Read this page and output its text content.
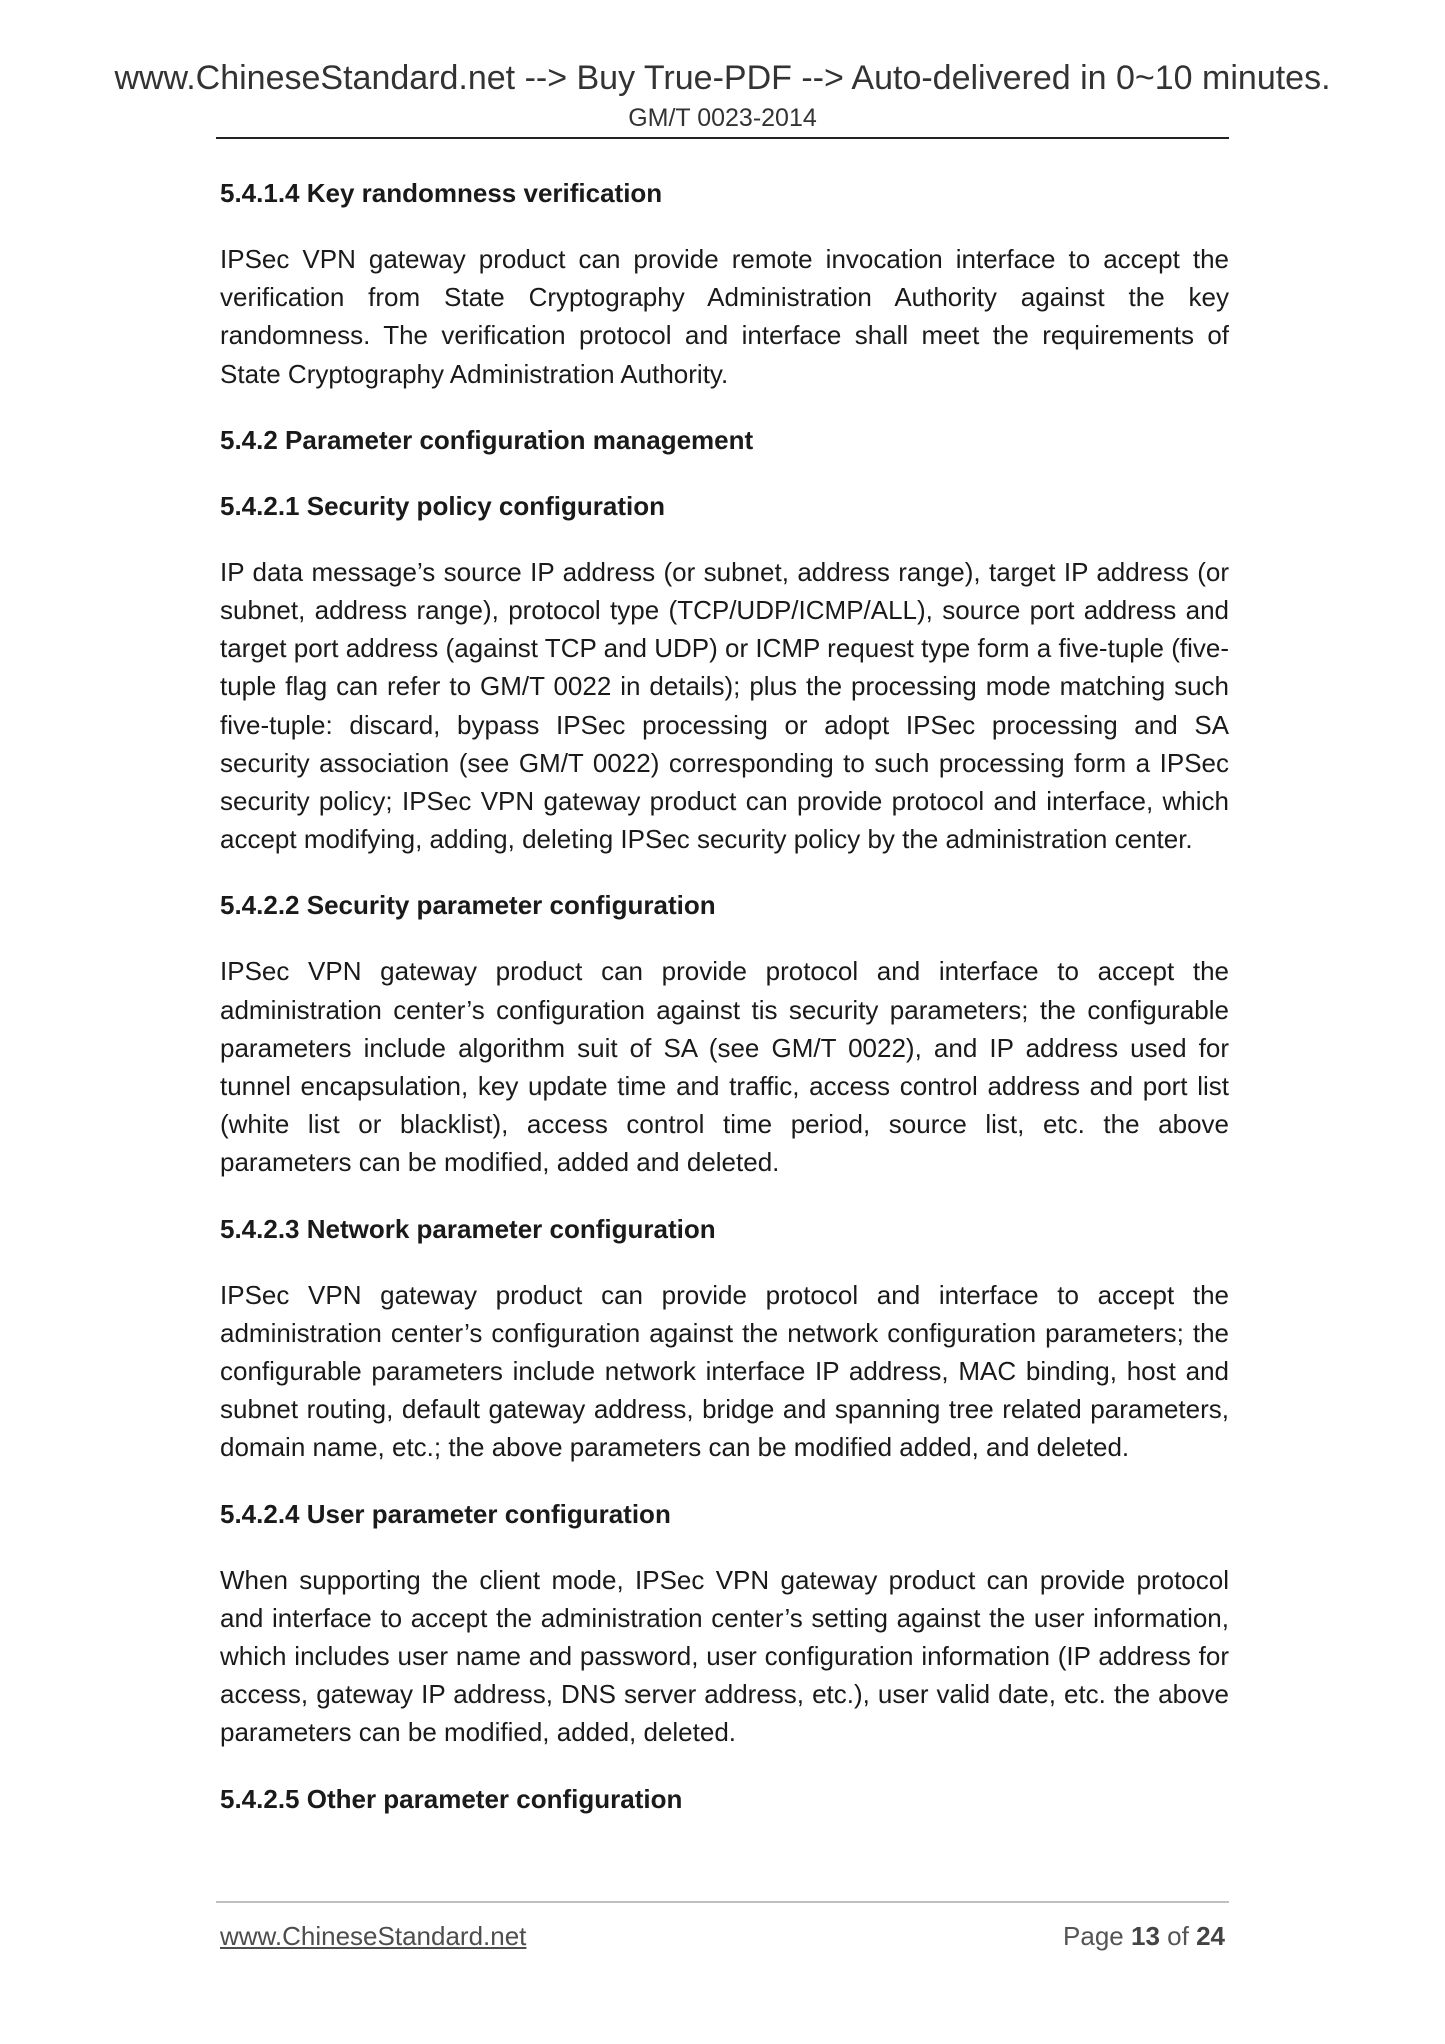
www.ChineseStandard.net --> Buy True-PDF --> Auto-delivered in 0~10 minutes.
GM/T 0023-2014
5.4.1.4 Key randomness verification
IPSec VPN gateway product can provide remote invocation interface to accept the verification from State Cryptography Administration Authority against the key randomness. The verification protocol and interface shall meet the requirements of State Cryptography Administration Authority.
5.4.2 Parameter configuration management
5.4.2.1 Security policy configuration
IP data message’s source IP address (or subnet, address range), target IP address (or subnet, address range), protocol type (TCP/UDP/ICMP/ALL), source port address and target port address (against TCP and UDP) or ICMP request type form a five-tuple (five-tuple flag can refer to GM/T 0022 in details); plus the processing mode matching such five-tuple: discard, bypass IPSec processing or adopt IPSec processing and SA security association (see GM/T 0022) corresponding to such processing form a IPSec security policy; IPSec VPN gateway product can provide protocol and interface, which accept modifying, adding, deleting IPSec security policy by the administration center.
5.4.2.2 Security parameter configuration
IPSec VPN gateway product can provide protocol and interface to accept the administration center’s configuration against tis security parameters; the configurable parameters include algorithm suit of SA (see GM/T 0022), and IP address used for tunnel encapsulation, key update time and traffic, access control address and port list (white list or blacklist), access control time period, source list, etc. the above parameters can be modified, added and deleted.
5.4.2.3 Network parameter configuration
IPSec VPN gateway product can provide protocol and interface to accept the administration center’s configuration against the network configuration parameters; the configurable parameters include network interface IP address, MAC binding, host and subnet routing, default gateway address, bridge and spanning tree related parameters, domain name, etc.; the above parameters can be modified added, and deleted.
5.4.2.4 User parameter configuration
When supporting the client mode, IPSec VPN gateway product can provide protocol and interface to accept the administration center’s setting against the user information, which includes user name and password, user configuration information (IP address for access, gateway IP address, DNS server address, etc.), user valid date, etc. the above parameters can be modified, added, deleted.
5.4.2.5 Other parameter configuration
www.ChineseStandard.net	Page 13 of 24
